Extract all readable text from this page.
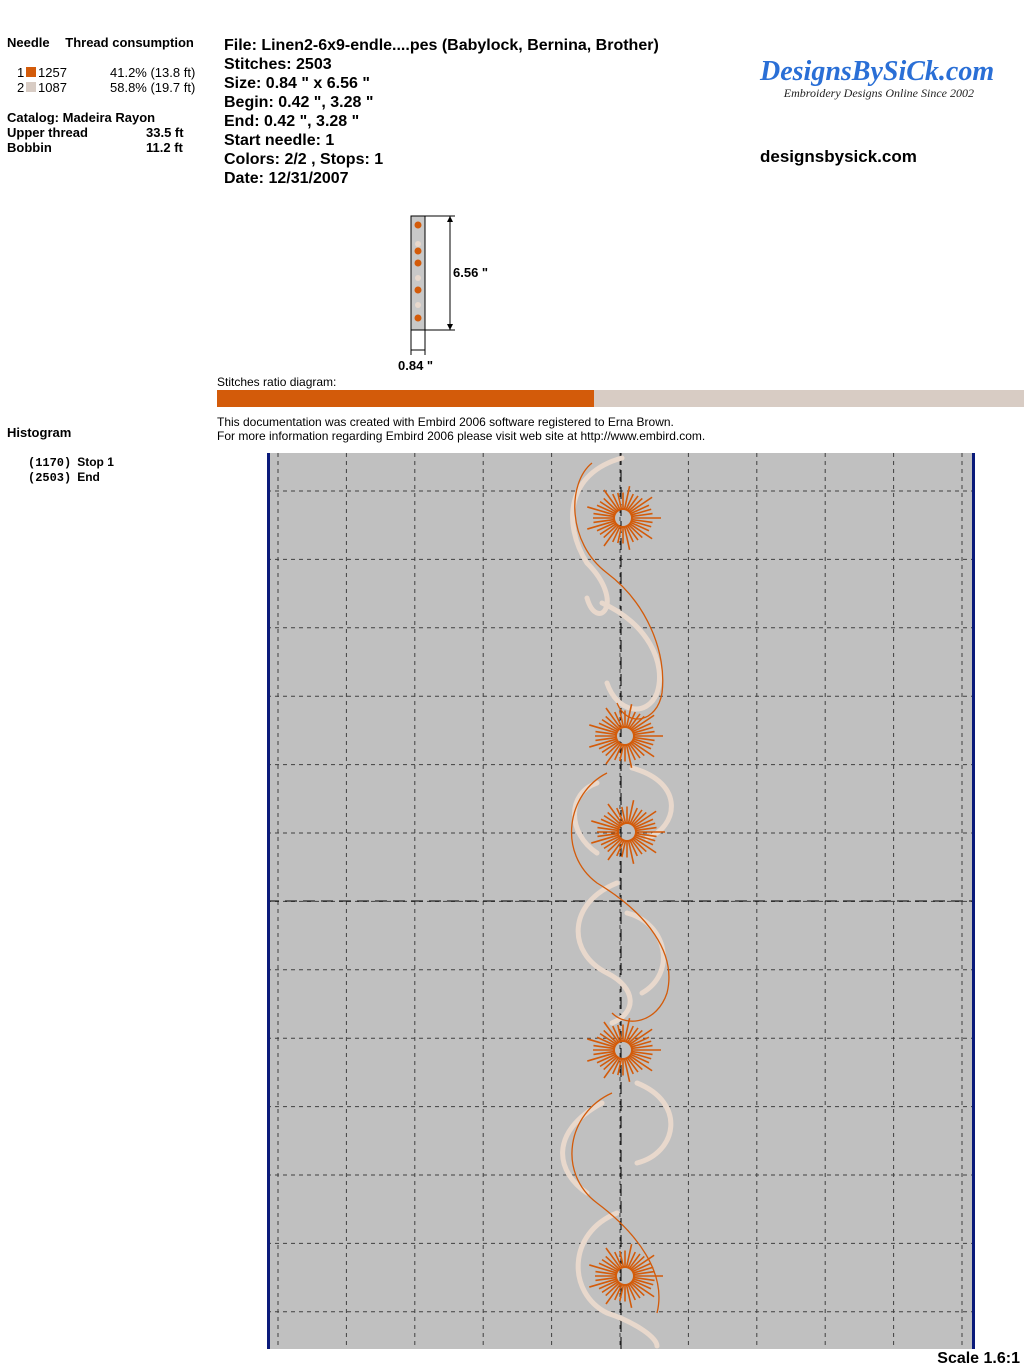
Needle Thread consumption
1 1257	41.2% (13.8 ft)
2 1087	58.8% (19.7 ft)
Catalog: Madeira Rayon
Upper thread	33.5 ft
Bobbin	11.2 ft
File: Linen2-6x9-endle....pes (Babylock, Bernina, Brother)
Stitches: 2503
Size: 0.84 " x 6.56 "
Begin: 0.42 ", 3.28 "
End: 0.42 ", 3.28 "
Start needle: 1
Colors: 2/2 , Stops: 1
Date: 12/31/2007
DesignsBySiCk.com
Embroidery Designs Online Since 2002
designsbysick.com
6.56 "
0.84 "
Stitches ratio diagram:
This documentation was created with Embird 2006 software registered to Erna Brown.
For more information regarding Embird 2006 please visit web site at http://www.embird.com.
Histogram
(1170) Stop 1
(2503) End
Scale 1.6:1
